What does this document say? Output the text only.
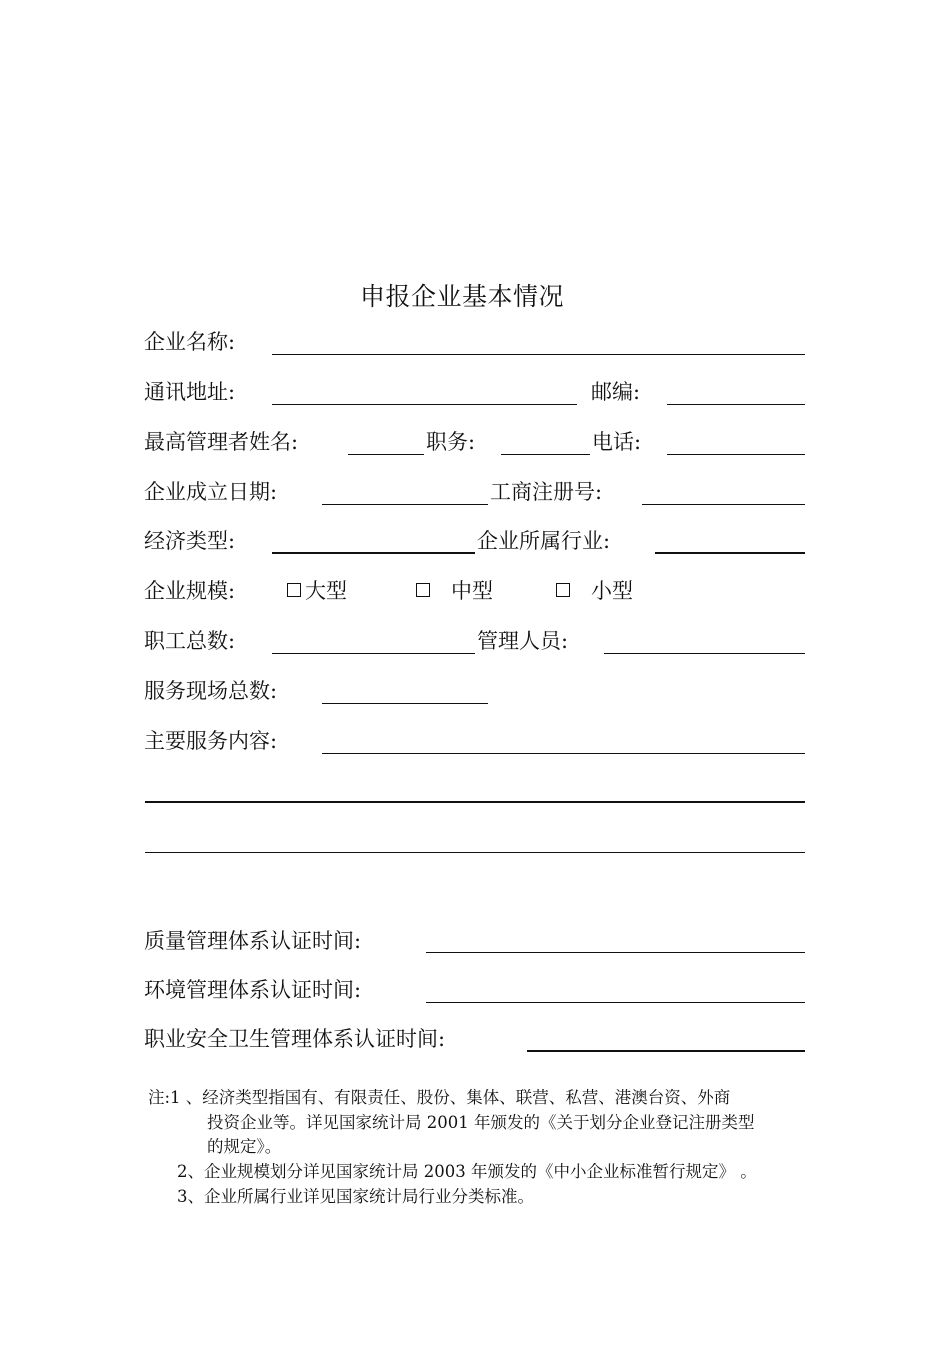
申报企业基本情况
企业名称:
通讯地址:	邮编:
最高管理者姓名:	职务:	电话:
企业成立日期:	工商注册号:
经济类型:	企业所属行业:
企业规模:	大型	中型	小型
职工总数:	管理人员:
服务现场总数:
主要服务内容:
质量管理体系认证时间:
环境管理体系认证时间:
职业安全卫生管理体系认证时间:
注:1 、经济类型指国有、有限责任、股份、集体、联营、私营、港澳台资、外商
投资企业等。详见国家统计局 2001 年颁发的《关于划分企业登记注册类型
的规定》。
2、企业规模划分详见国家统计局 2003 年颁发的《中小企业标准暂行规定》 。
3、企业所属行业详见国家统计局行业分类标准。
